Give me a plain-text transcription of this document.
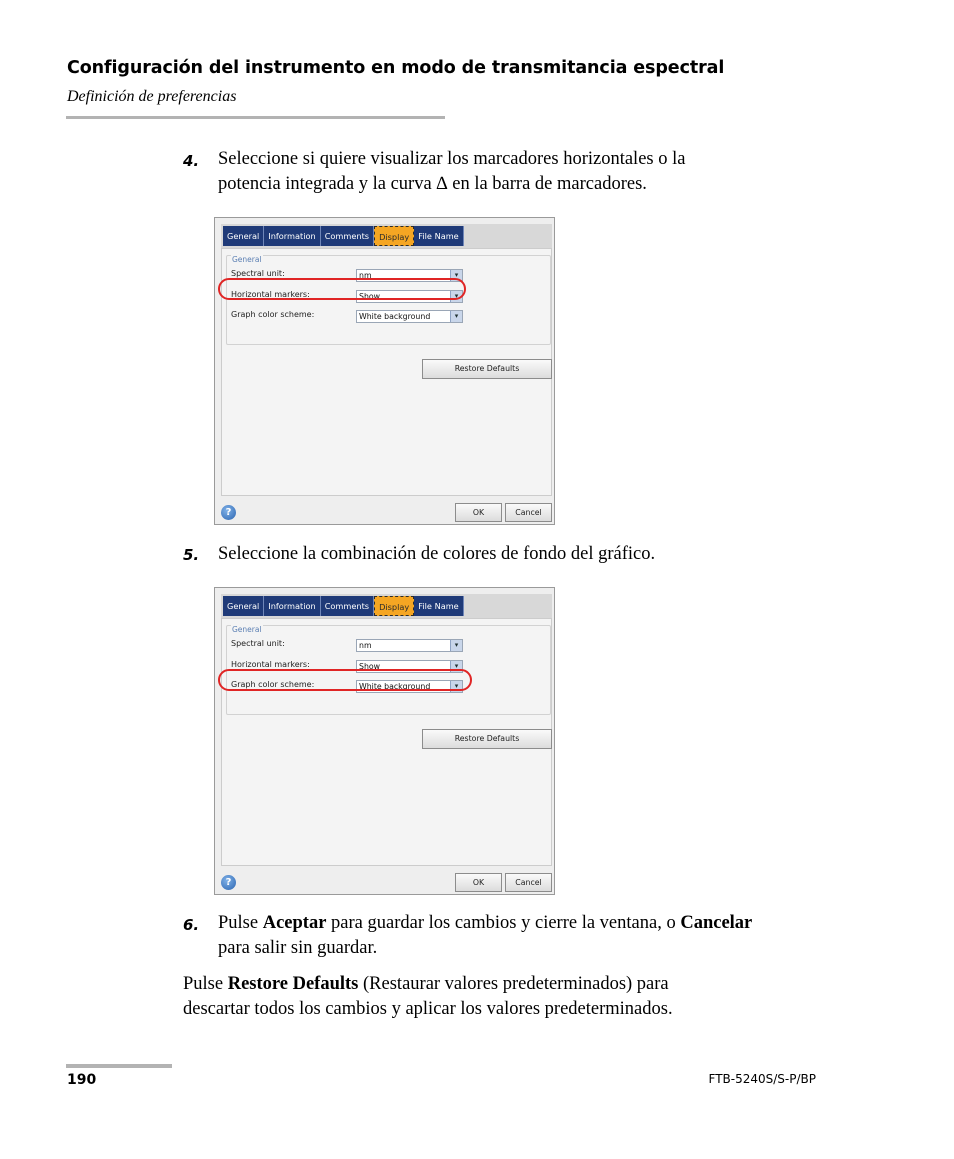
Configuración del instrumento en modo de transmitancia espectral
Definición de preferencias
4. Seleccione si quiere visualizar los marcadores horizontales o la
potencia integrada y la curva ∆ en la barra de marcadores.
General	Information	Comments	Display	File Name
General
Spectral unit:	nm	▾
Horizontal markers:	Show	▾
Graph color scheme:	White background	▾
Restore Defaults
?	OK	Cancel
5. Seleccione la combinación de colores de fondo del gráfico.
General	Information	Comments	Display	File Name
General
Spectral unit:	nm	▾
Horizontal markers:	Show	▾
Graph color scheme:	White background	▾
Restore Defaults
?	OK	Cancel
6. Pulse Aceptar para guardar los cambios y cierre la ventana, o Cancelar
para salir sin guardar.
Pulse Restore Defaults (Restaurar valores predeterminados) para
descartar todos los cambios y aplicar los valores predeterminados.
190	FTB-5240S/S-P/BP
